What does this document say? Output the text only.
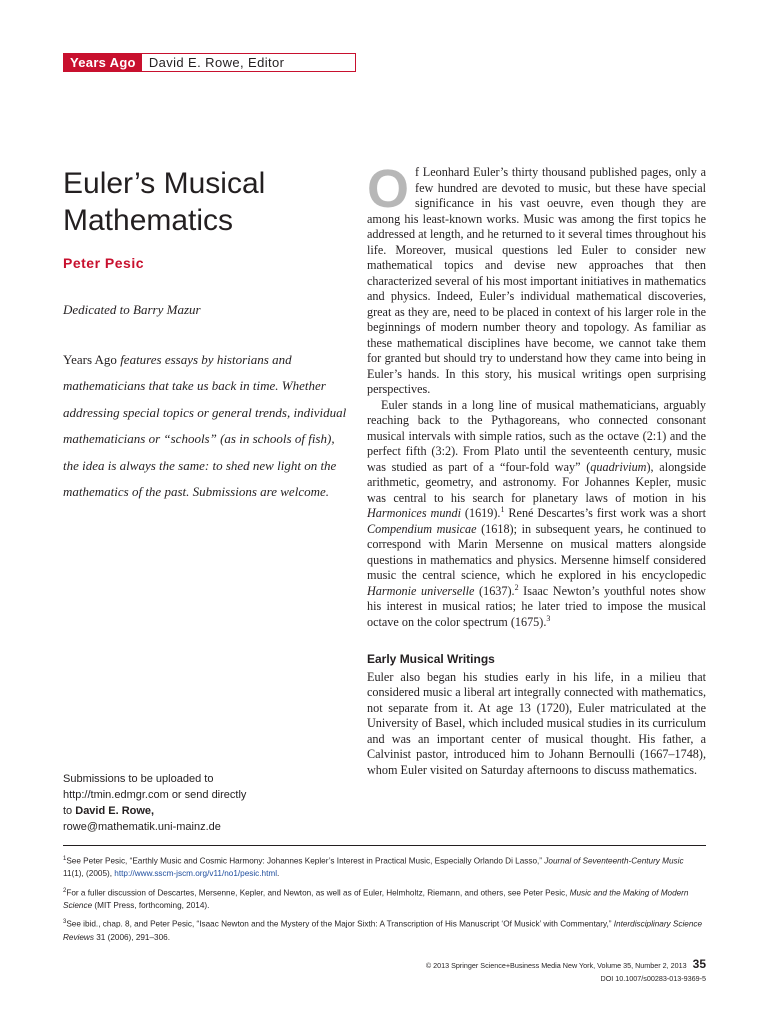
Years Ago	David E. Rowe, Editor
Euler’s Musical Mathematics
Peter Pesic
Dedicated to Barry Mazur
Years Ago features essays by historians and mathematicians that take us back in time. Whether addressing special topics or general trends, individual mathematicians or “schools” (as in schools of fish), the idea is always the same: to shed new light on the mathematics of the past. Submissions are welcome.
Submissions to be uploaded to
http://tmin.edmgr.com or send directly
to David E. Rowe,
rowe@mathematik.uni-mainz.de

Of Leonhard Euler’s thirty thousand published pages, only a few hundred are devoted to music, but these have special significance in his vast oeuvre, even though they are among his least-known works. Music was among the first topics he addressed at length, and he returned to it several times throughout his life. Moreover, musical questions led Euler to consider new mathematical topics and devise new approaches that then characterized several of his most important initiatives in mathematics and physics. Indeed, Euler’s individual mathematical discoveries, great as they are, need to be placed in context of his larger role in the beginnings of modern number theory and topology. As familiar as these mathematical disciplines have become, we cannot take them for granted but should try to understand how they came into being in Euler’s hands. In this story, his musical writings open surprising perspectives.

Euler stands in a long line of musical mathematicians, arguably reaching back to the Pythagoreans, who connected consonant musical intervals with simple ratios, such as the octave (2:1) and the perfect fifth (3:2). From Plato until the seventeenth century, music was studied as part of a “four-fold way” (quadrivium), alongside arithmetic, geometry, and astronomy. For Johannes Kepler, music was central to his search for planetary laws of motion in his Harmonices mundi (1619).$^1$ René Descartes’s first work was a short Compendium musicae (1618); in subsequent years, he continued to correspond with Marin Mersenne on musical matters alongside questions in mathematics and physics. Mersenne himself considered music the central science, which he explored in his encyclopedic Harmonie universelle (1637).$^2$ Isaac Newton’s youthful notes show his interest in musical ratios; he later tried to impose the musical octave on the color spectrum (1675).$^3$

Early Musical Writings

Euler also began his studies early in his life, in a milieu that considered music a liberal art integrally connected with mathematics, not separate from it. At age 13 (1720), Euler matriculated at the University of Basel, which included musical studies in its curriculum and was an important center of musical thought. His father, a Calvinist pastor, introduced him to Johann Bernoulli (1667–1748), whom Euler visited on Saturday afternoons to discuss mathematics.

$^1$See Peter Pesic, “Earthly Music and Cosmic Harmony: Johannes Kepler’s Interest in Practical Music, Especially Orlando Di Lasso,” Journal of Seventeenth-Century Music 11(1), (2005), http://www.sscm-jscm.org/v11/no1/pesic.html.

$^2$For a fuller discussion of Descartes, Mersenne, Kepler, and Newton, as well as of Euler, Helmholtz, Riemann, and others, see Peter Pesic, Music and the Making of Modern Science (MIT Press, forthcoming, 2014).

$^3$See ibid., chap. 8, and Peter Pesic, “Isaac Newton and the Mystery of the Major Sixth: A Transcription of His Manuscript ‘Of Musick’ with Commentary,” Interdisciplinary Science Reviews 31 (2006), 291–306.

© 2013 Springer Science+Business Media New York, Volume 35, Number 2, 2013 35
DOI 10.1007/s00283-013-9369-5
